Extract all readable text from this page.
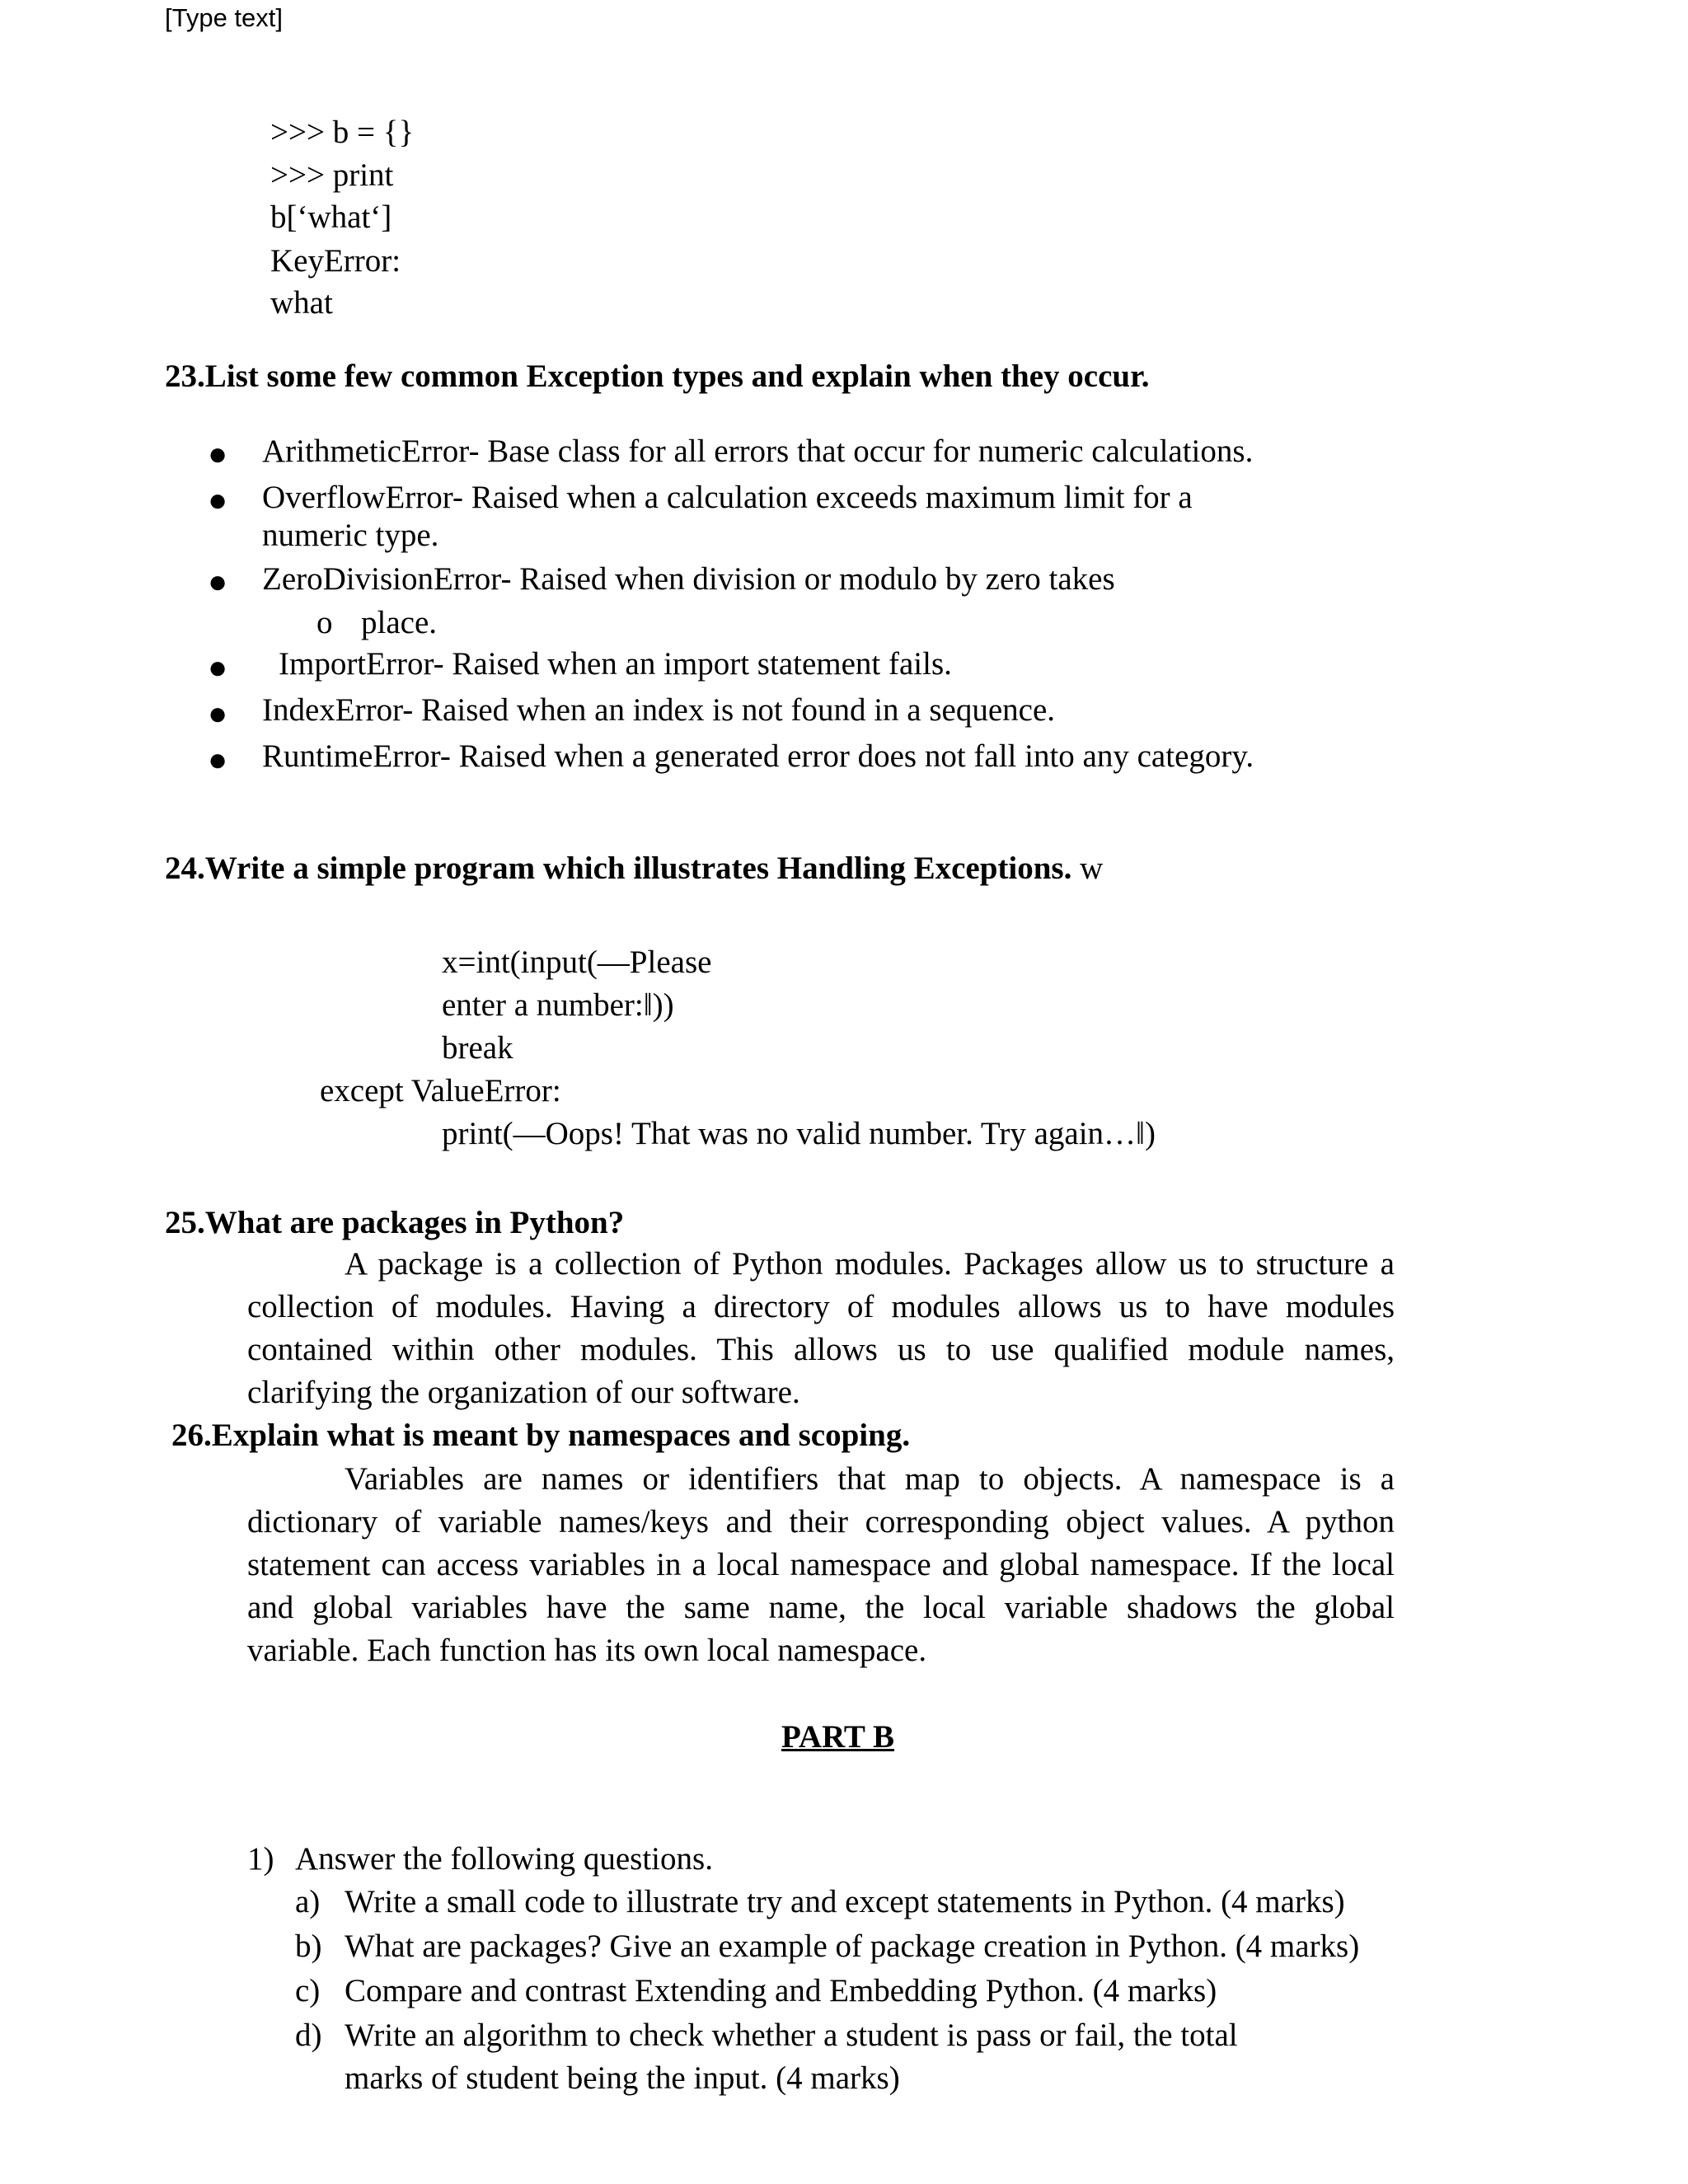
[Type text]
>>> b = {}
>>> print
b[‘what‘]
KeyError:
what
23.List some few common Exception types and explain when they occur.
● ArithmeticError- Base class for all errors that occur for numeric calculations.
● OverflowError- Raised when a calculation exceeds maximum limit for a
numeric type.
● ZeroDivisionError- Raised when division or modulo by zero takes
o place.
● ImportError- Raised when an import statement fails.
● IndexError- Raised when an index is not found in a sequence.
● RuntimeError- Raised when a generated error does not fall into any category.
24.Write a simple program which illustrates Handling Exceptions. w
x=int(input(—Please
enter a number:‖))
break
except ValueError:
print(—Oops! That was no valid number. Try again…‖)
25.What are packages in Python?
A package is a collection of Python modules. Packages allow us to structure a
collection of modules. Having a directory of modules allows us to have modules
contained within other modules. This allows us to use qualified module names,
clarifying the organization of our software.
26.Explain what is meant by namespaces and scoping.
Variables are names or identifiers that map to objects. A namespace is a
dictionary of variable names/keys and their corresponding object values. A python
statement can access variables in a local namespace and global namespace. If the local
and global variables have the same name, the local variable shadows the global
variable. Each function has its own local namespace.
PART B
1) Answer the following questions.
a) Write a small code to illustrate try and except statements in Python. (4 marks)
b) What are packages? Give an example of package creation in Python. (4 marks)
c) Compare and contrast Extending and Embedding Python. (4 marks)
d) Write an algorithm to check whether a student is pass or fail, the total
marks of student being the input. (4 marks)
